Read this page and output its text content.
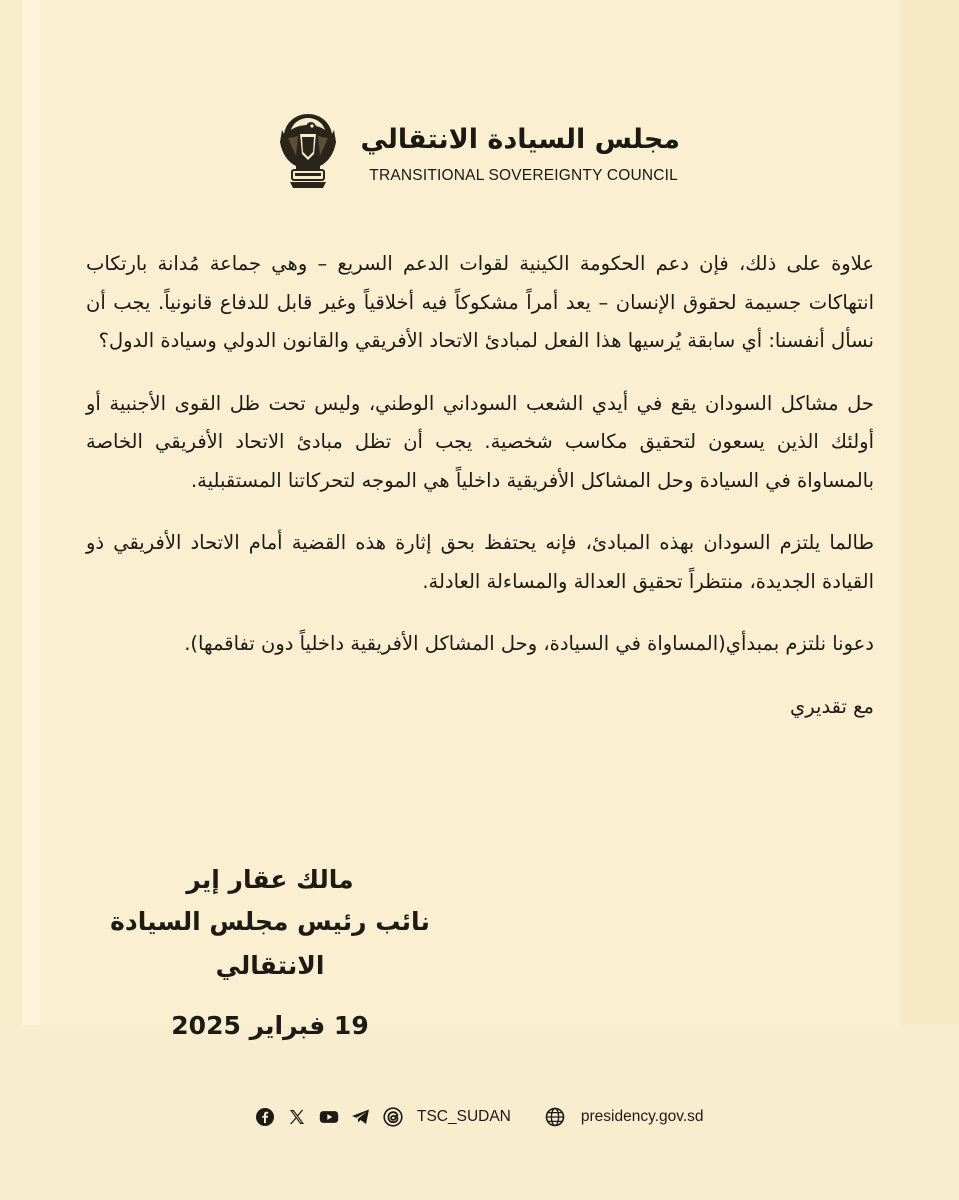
مجلس السيادة الانتقالي
TRANSITIONAL SOVEREIGNTY COUNCIL

علاوة على ذلك، فإن دعم الحكومة الكينية لقوات الدعم السريع – وهي جماعة مُدانة بارتكاب انتهاكات جسيمة لحقوق الإنسان – يعد أمراً مشكوكاً فيه أخلاقياً وغير قابل للدفاع قانونياً. يجب أن نسأل أنفسنا: أي سابقة يُرسيها هذا الفعل لمبادئ الاتحاد الأفريقي والقانون الدولي وسيادة الدول؟

حل مشاكل السودان يقع في أيدي الشعب السوداني الوطني، وليس تحت ظل القوى الأجنبية أو أولئك الذين يسعون لتحقيق مكاسب شخصية. يجب أن تظل مبادئ الاتحاد الأفريقي الخاصة بالمساواة في السيادة وحل المشاكل الأفريقية داخلياً هي الموجه لتحركاتنا المستقبلية.

طالما يلتزم السودان بهذه المبادئ، فإنه يحتفظ بحق إثارة هذه القضية أمام الاتحاد الأفريقي ذو القيادة الجديدة، منتظراً تحقيق العدالة والمساءلة العادلة.

دعونا نلتزم بمبدأي(المساواة في السيادة، وحل المشاكل الأفريقية داخلياً دون تفاقمها).

مع تقديري

مالك عقار إير
نائب رئيس مجلس السيادة الانتقالي
19 فبراير 2025
TSC_SUDAN	presidency.gov.sd
